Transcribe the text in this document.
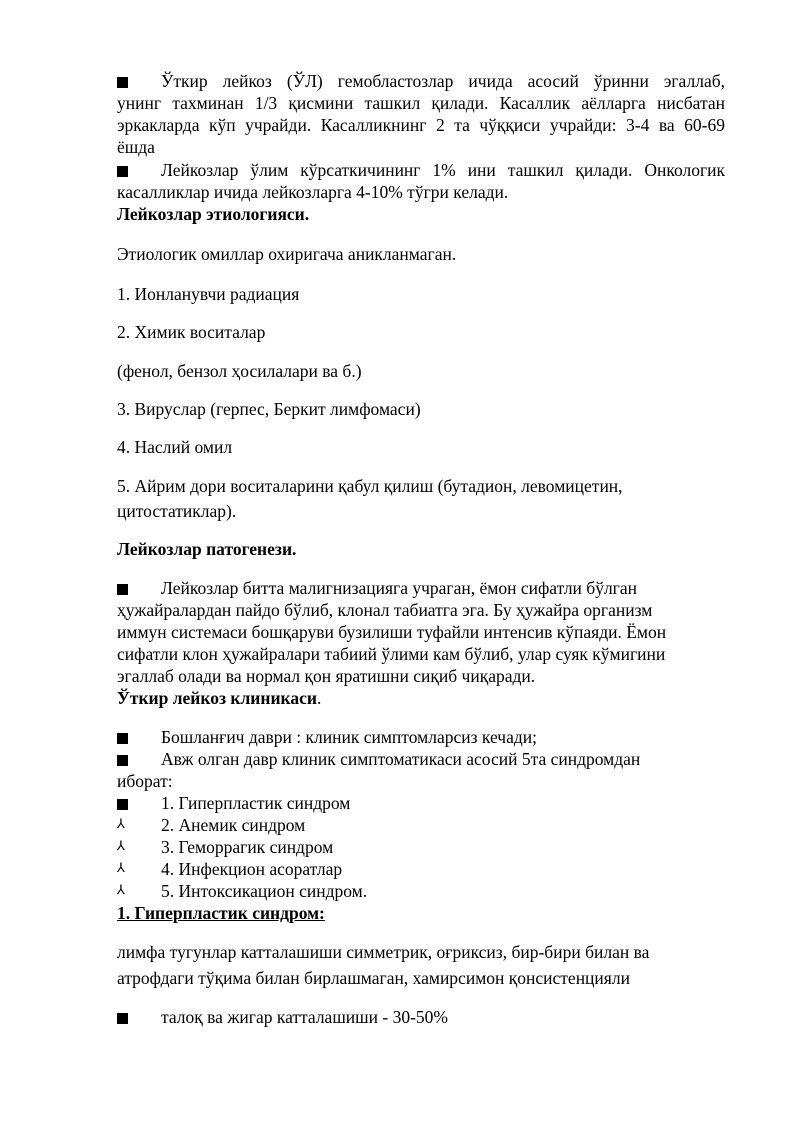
Ўткир лейкоз (ЎЛ) гемобластозлар ичида асосий ўринни эгаллаб,
унинг тахминан 1/3 қисмини ташкил қилади. Касаллик аёлларга нисбатан
эркакларда кўп учрайди. Касалликнинг 2 та чўққиси учрайди: 3-4 ва 60-69
ёшда
Лейкозлар ўлим кўрсаткичининг 1% ини ташкил қилади. Онкологик
касалликлар ичида лейкозларга 4-10% тўгри келади.
Лейкозлар этиологияси.
Этиологик омиллар охиригача аникланмаган.
1. Ионланувчи радиация
2. Химик воситалар
(фенол, бензол ҳосилалари ва б.)
3. Вируслар (герпес, Беркит лимфомаси)
4. Наслий омил
5. Айрим дори воситаларини қабул қилиш (бутадион, левомицетин,
цитостатиклар).
Лейкозлар патогенези.
Лейкозлар битта малигнизацияга учраган, ёмон сифатли бўлган
ҳужайралардан пайдо бўлиб, клонал табиатга эга. Бу ҳужайра организм
иммун системаси бошқаруви бузилиши туфайли интенсив кўпаяди. Ёмон
сифатли клон ҳужайралари табиий ўлими кам бўлиб, улар суяк кўмигини
эгаллаб олади ва нормал қон яратишни сиқиб чиқаради.
Ўткир лейкоз клиникаси.
Бошланғич даври : клиник симптомларсиз кечади;
Авж олган давр клиник симптоматикаси асосий 5та синдромдан
иборат:
1. Гиперпластик синдром
⅄	2. Анемик синдром
⅄	3. Геморрагик синдром
⅄	4. Инфекцион асоратлар
⅄	5. Интоксикацион синдром.
1. Гиперпластик синдром:
лимфа тугунлар катталашиши симметрик, оғриксиз, бир-бири билан ва
атрофдаги тўқима билан бирлашмаган, хамирсимон қонсистенцияли
талоқ ва жигар катталашиши - 30-50%
